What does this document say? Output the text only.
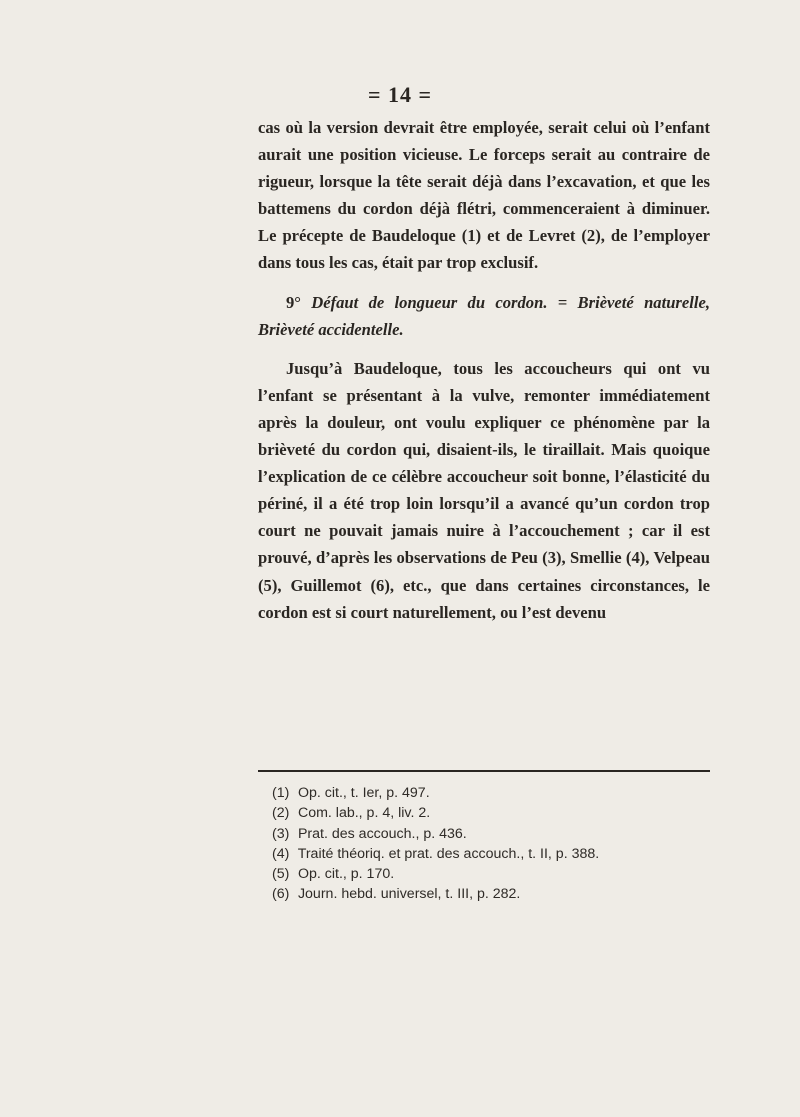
= 14 =

cas où la version devrait être employée, serait celui où l’enfant aurait une position vicieuse. Le forceps serait au contraire de rigueur, lorsque la tête serait déjà dans l’excavation, et que les battemens du cordon déjà flétri, commenceraient à diminuer. Le précepte de Baudeloque (1) et de Levret (2), de l’employer dans tous les cas, était par trop exclusif.

9° Défaut de longueur du cordon. = Brièveté naturelle, Brièveté accidentelle.

Jusqu’à Baudeloque, tous les accoucheurs qui ont vu l’enfant se présentant à la vulve, remonter immédiatement après la douleur, ont voulu expliquer ce phénomène par la brièveté du cordon qui, disaient-ils, le tiraillait. Mais quoique l’explication de ce célèbre accoucheur soit bonne, l’élasticité du périné, il a été trop loin lorsqu’il a avancé qu’un cordon trop court ne pouvait jamais nuire à l’accouchement ; car il est prouvé, d’après les observations de Peu (3), Smellie (4), Velpeau (5), Guillemot (6), etc., que dans certaines circonstances, le cordon est si court naturellement, ou l’est devenu

(1) Op. cit., t. Ier, p. 497.
(2) Com. lab., p. 4, liv. 2.
(3) Prat. des accouch., p. 436.
(4) Traité théoriq. et prat. des accouch., t. II, p. 388.
(5) Op. cit., p. 170.
(6) Journ. hebd. universel, t. III, p. 282.
